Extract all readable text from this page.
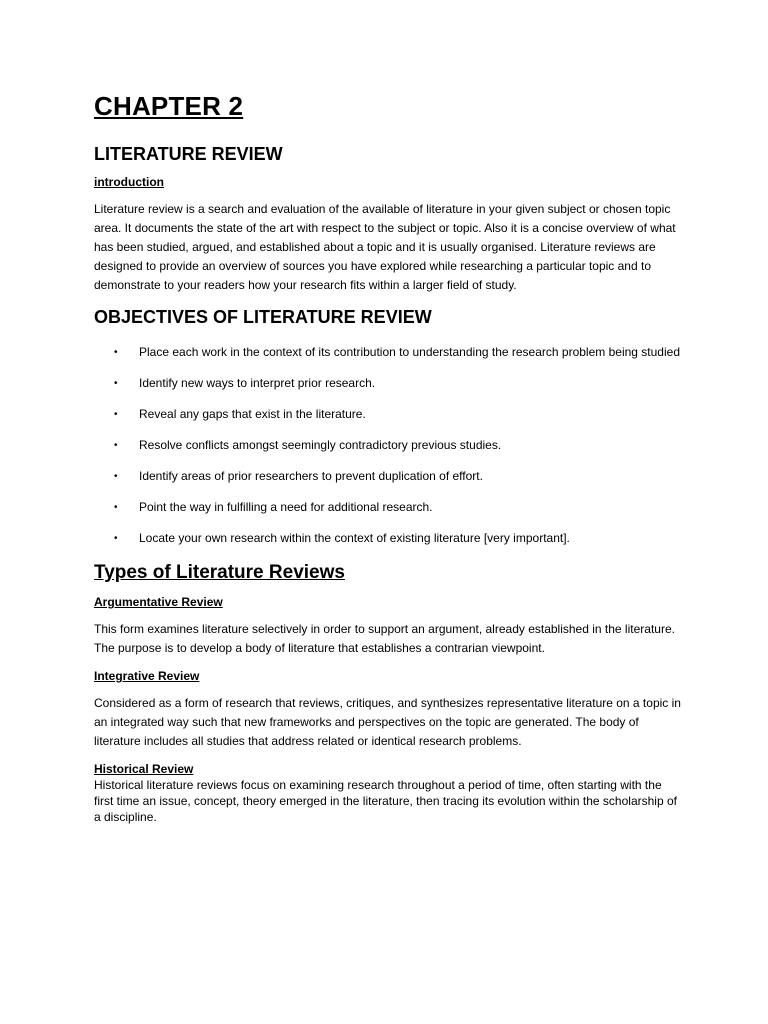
CHAPTER 2
LITERATURE REVIEW
introduction

Literature review is a search and evaluation of the available of literature in your given subject or chosen topic area. It documents the state of the art with respect to the subject or topic. Also it is a concise overview of what has been studied, argued, and established about a topic and it is usually organised. Literature reviews are designed to provide an overview of sources you have explored while researching a particular topic and to demonstrate to your readers how your research fits within a larger field of study.

OBJECTIVES OF LITERATURE REVIEW
• Place each work in the context of its contribution to understanding the research problem being studied
• Identify new ways to interpret prior research.
• Reveal any gaps that exist in the literature.
• Resolve conflicts amongst seemingly contradictory previous studies.
• Identify areas of prior researchers to prevent duplication of effort.
• Point the way in fulfilling a need for additional research.
• Locate your own research within the context of existing literature [very important].
Types of Literature Reviews
Argumentative Review

This form examines literature selectively in order to support an argument, already established in the literature. The purpose is to develop a body of literature that establishes a contrarian viewpoint.

Integrative Review

Considered as a form of research that reviews, critiques, and synthesizes representative literature on a topic in an integrated way such that new frameworks and perspectives on the topic are generated. The body of literature includes all studies that address related or identical research problems.

Historical Review

Historical literature reviews focus on examining research throughout a period of time, often starting with the first time an issue, concept, theory emerged in the literature, then tracing its evolution within the scholarship of a discipline.
